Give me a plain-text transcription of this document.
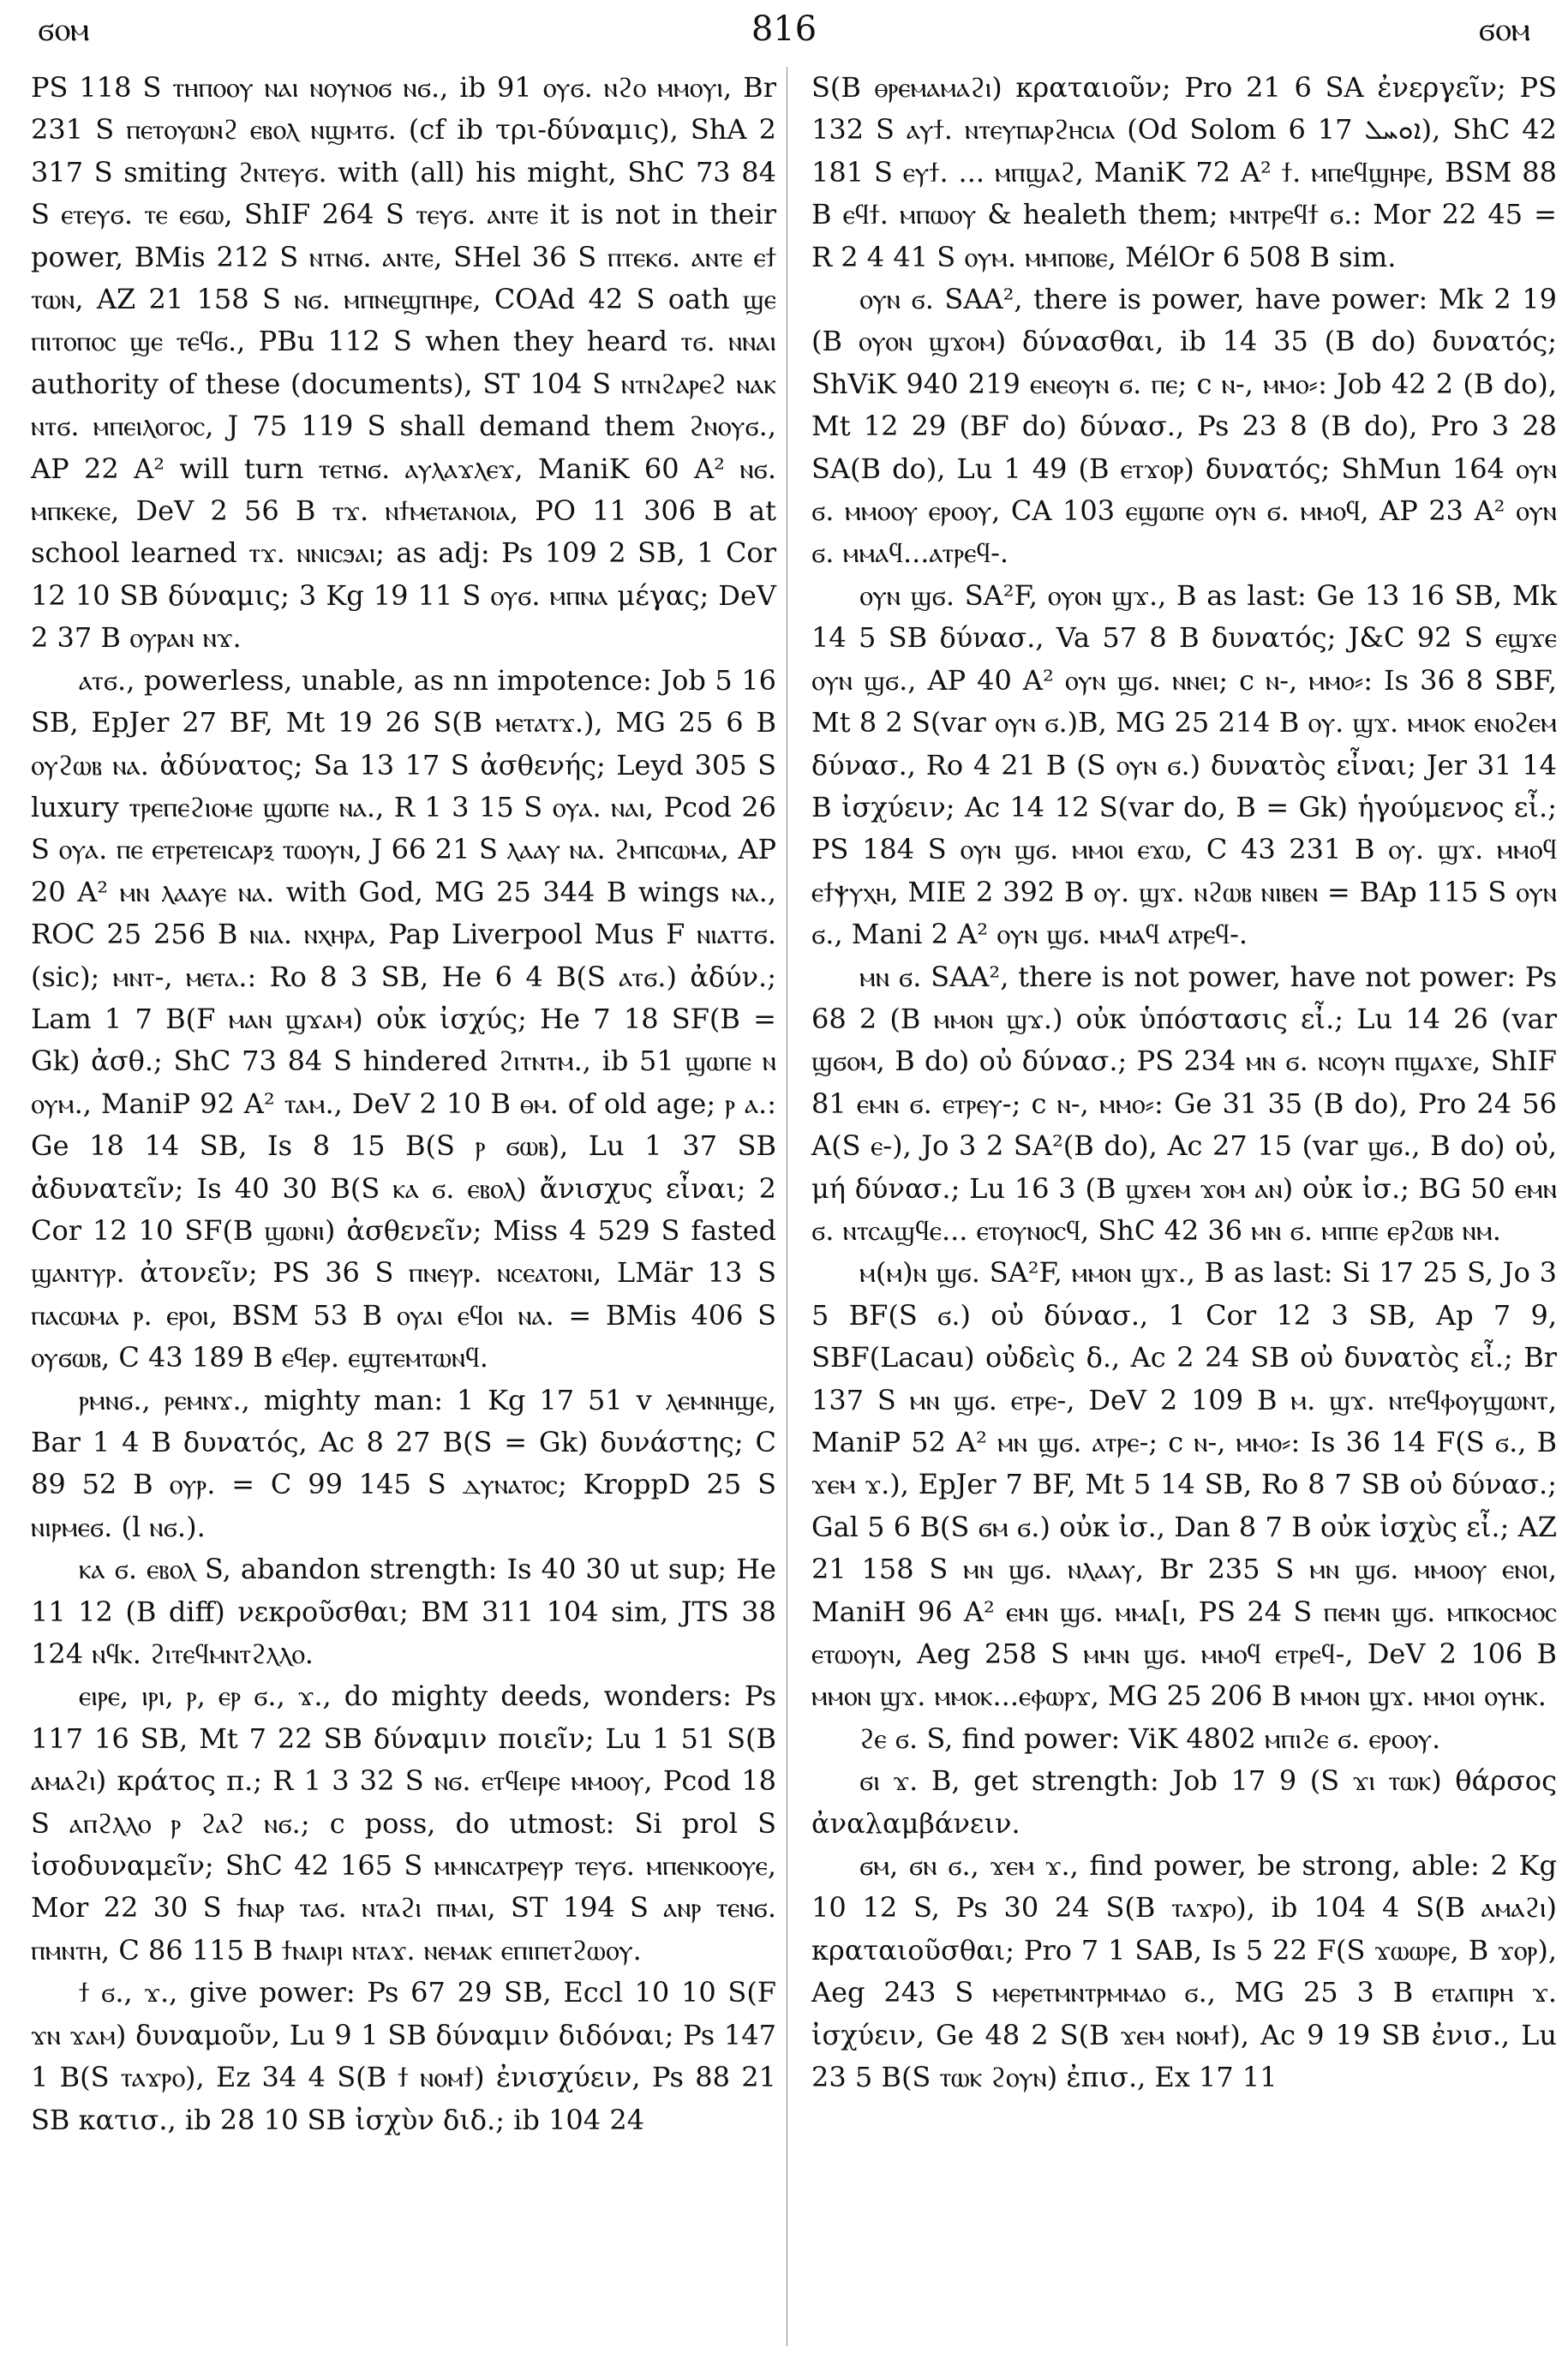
ϭⲟⲙ	816	ϭⲟⲙ

PS 118 S ⲧⲏⲡⲟⲟⲩ ⲛⲁⲓ ⲛⲟⲩⲛⲟϭ ⲛϭ., ib 91 ⲟⲩϭ. ⲛϩⲟ ⲙⲙⲟⲩⲓ, Br 231 S ⲡⲉⲧⲟⲩⲱⲛϩ ⲉⲃⲟⲗ ⲛϣⲙⲧϭ. (cf ib τρι-δύναμις), ShA 2 317 S smiting ϩⲛⲧⲉⲩϭ. with (all) his might, ShC 73 84 S ⲉⲧⲉⲩϭ. ⲧⲉ ⲉϭⲱ, ShIF 264 S ⲧⲉⲩϭ. ⲁⲛⲧⲉ it is not in their power, BMis 212 S ⲛⲧⲛϭ. ⲁⲛⲧⲉ, SHel 36 S ⲡⲧⲉⲕϭ. ⲁⲛⲧⲉ ⲉϯ ⲧⲱⲛ, AZ 21 158 S ⲛϭ. ⲙⲡⲛⲉϣⲡⲏⲣⲉ, COAd 42 S oath ϣⲉ ⲡⲓⲧⲟⲡⲟⲥ ϣⲉ ⲧⲉϥϭ., PBu 112 S when they heard ⲧϭ. ⲛⲛⲁⲓ authority of these (documents), ST 104 S ⲛⲧⲛϩⲁⲣⲉϩ ⲛⲁⲕ ⲛⲧϭ. ⲙⲡⲉⲓⲗⲟⲅⲟⲥ, J 75 119 S shall demand them ϩⲛⲟⲩϭ., AP 22 A² will turn ⲧⲉⲧⲛϭ. ⲁⲩⲗⲁϫⲗⲉϫ, ManiK 60 A² ⲛϭ. ⲙⲡⲕⲉⲕⲉ, DeV 2 56 B ⲧϫ. ⲛϯⲙⲉⲧⲁⲛⲟⲓⲁ, PO 11 306 B at school learned ⲧϫ. ⲛⲛⲓⲥϧⲁⲓ; as adj: Ps 109 2 SB, 1 Cor 12 10 SB δύναμις; 3 Kg 19 11 S ⲟⲩϭ. ⲙⲡⲛⲁ μέγας; DeV 2 37 B ⲟⲩⲣⲁⲛ ⲛϫ.

ⲁⲧϭ., powerless, unable, as nn impotence: Job 5 16 SB, EpJer 27 BF, Mt 19 26 S(B ⲙⲉⲧⲁⲧϫ.), MG 25 6 B ⲟⲩϩⲱⲃ ⲛⲁ. ἀδύνατος; Sa 13 17 S ἀσθενής; Leyd 305 S luxury ⲧⲣⲉⲡⲉϩⲓⲟⲙⲉ ϣⲱⲡⲉ ⲛⲁ., R 1 3 15 S ⲟⲩⲁ. ⲛⲁⲓ, Pcod 26 S ⲟⲩⲁ. ⲡⲉ ⲉⲧⲣⲉⲧⲉⲓⲥⲁⲣⲝ ⲧⲱⲟⲩⲛ, J 66 21 S ⲗⲁⲁⲩ ⲛⲁ. ϩⲙⲡⲥⲱⲙⲁ, AP 20 A² ⲙⲛ ⲗⲁⲁⲩⲉ ⲛⲁ. with God, MG 25 344 B wings ⲛⲁ., ROC 25 256 B ⲛⲓⲁ. ⲛⲭⲏⲣⲁ, Pap Liverpool Mus F ⲛⲓⲁⲧⲧϭ. (sic); ⲙⲛⲧ-, ⲙⲉⲧⲁ.: Ro 8 3 SB, He 6 4 B(S ⲁⲧϭ.) ἀδύν.; Lam 1 7 B(F ⲙⲁⲛ ϣϫⲁⲙ) οὐκ ἰσχύς; He 7 18 SF(B = Gk) ἀσθ.; ShC 73 84 S hindered ϩⲓⲧⲛⲧⲙ., ib 51 ϣⲱⲡⲉ ⲛ ⲟⲩⲙ., ManiP 92 A² ⲧⲁⲙ., DeV 2 10 B ⲑⲙ. of old age; ⲣ ⲁ.: Ge 18 14 SB, Is 8 15 B(S ⲣ ϭⲱⲃ), Lu 1 37 SB ἀδυνατεῖν; Is 40 30 B(S ⲕⲁ ϭ. ⲉⲃⲟⲗ) ἄνισχυς εἶναι; 2 Cor 12 10 SF(B ϣⲱⲛⲓ) ἀσθενεῖν; Miss 4 529 S fasted ϣⲁⲛⲧⲩⲣ. ἀτονεῖν; PS 36 S ⲡⲛⲉⲩⲣ. ⲛⲥⲉⲁⲧⲟⲛⲓ, LMär 13 S ⲡⲁⲥⲱⲙⲁ ⲣ. ⲉⲣⲟⲓ, BSM 53 B ⲟⲩⲁⲓ ⲉϥⲟⲓ ⲛⲁ. = BMis 406 S ⲟⲩϭⲱⲃ, C 43 189 B ⲉϥⲉⲣ. ⲉϣⲧⲉⲙⲧⲱⲛϥ.

ⲣⲙⲛϭ., ⲣⲉⲙⲛϫ., mighty man: 1 Kg 17 51 v ⲗⲉⲙⲛⲏϣⲉ, Bar 1 4 B δυνατός, Ac 8 27 B(S = Gk) δυνάστης; C 89 52 B ⲟⲩⲣ. = C 99 145 S ⲇⲩⲛⲁⲧⲟⲥ; KroppD 25 S ⲛⲓⲣⲙⲉϭ. (l ⲛϭ.).

ⲕⲁ ϭ. ⲉⲃⲟⲗ S, abandon strength: Is 40 30 ut sup; He 11 12 (B diff) νεκροῦσθαι; BM 311 104 sim, JTS 38 124 ⲛϥⲕ. ϩⲓⲧⲉϥⲙⲛⲧϩⲗⲗⲟ.

ⲉⲓⲣⲉ, ⲓⲣⲓ, ⲣ, ⲉⲣ ϭ., ϫ., do mighty deeds, wonders: Ps 117 16 SB, Mt 7 22 SB δύναμιν ποιεῖν; Lu 1 51 S(B ⲁⲙⲁϩⲓ) κράτος π.; R 1 3 32 S ⲛϭ. ⲉⲧϥⲉⲓⲣⲉ ⲙⲙⲟⲟⲩ, Pcod 18 S ⲁⲡϩⲗⲗⲟ ⲣ ϩⲁϩ ⲛϭ.; c poss, do utmost: Si prol S ἰσοδυναμεῖν; ShC 42 165 S ⲙⲙⲛⲥⲁⲧⲣⲉⲩⲣ ⲧⲉⲩϭ. ⲙⲡⲉⲛⲕⲟⲟⲩⲉ, Mor 22 30 S ϯⲛⲁⲣ ⲧⲁϭ. ⲛⲧⲁϩⲓ ⲡⲙⲁⲓ, ST 194 S ⲁⲛⲣ ⲧⲉⲛϭ. ⲡⲙⲛⲧⲏ, C 86 115 B ϯⲛⲁⲓⲣⲓ ⲛⲧⲁϫ. ⲛⲉⲙⲁⲕ ⲉⲡⲓⲡⲉⲧϩⲱⲟⲩ.

ϯ ϭ., ϫ., give power: Ps 67 29 SB, Eccl 10 10 S(F ϫⲛ ϫⲁⲙ) δυναμοῦν, Lu 9 1 SB δύναμιν διδόναι; Ps 147 1 B(S ⲧⲁϫⲣⲟ), Ez 34 4 S(B ϯ ⲛⲟⲙϯ) ἐνισχύειν, Ps 88 21 SB κατισ., ib 28 10 SB ἰσχὺν διδ.; ib 104 24

S(B ⲑⲣⲉⲙⲁⲙⲁϩⲓ) κραταιοῦν; Pro 21 6 SA ἐνεργεῖν; PS 132 S ⲁⲩϯ. ⲛⲧⲉⲩⲡⲁⲣϩⲏⲥⲓⲁ (Od Solom 6 17 ܐܘܚܠ), ShC 42 181 S ⲉⲩϯ. ... ⲙⲡϣⲁϩ, ManiK 72 A² ϯ. ⲙⲡⲉϥϣⲏⲣⲉ, BSM 88 B ⲉϥϯ. ⲙⲡⲱⲟⲩ & healeth them; ⲙⲛⲧⲣⲉϥϯ ϭ.: Mor 22 45 = R 2 4 41 S ⲟⲩⲙ. ⲙⲙⲡⲟⲃⲉ, MélOr 6 508 B sim.

ⲟⲩⲛ ϭ. SAA², there is power, have power: Mk 2 19 (B ⲟⲩⲟⲛ ϣϫⲟⲙ) δύνασθαι, ib 14 35 (B do) δυνατός; ShViK 940 219 ⲉⲛⲉⲟⲩⲛ ϭ. ⲡⲉ; c ⲛ-, ⲙⲙⲟ⸗: Job 42 2 (B do), Mt 12 29 (BF do) δύνασ., Ps 23 8 (B do), Pro 3 28 SA(B do), Lu 1 49 (B ⲉⲧϫⲟⲣ) δυνατός; ShMun 164 ⲟⲩⲛ ϭ. ⲙⲙⲟⲟⲩ ⲉⲣⲟⲟⲩ, CA 103 ⲉϣⲱⲡⲉ ⲟⲩⲛ ϭ. ⲙⲙⲟϥ, AP 23 A² ⲟⲩⲛ ϭ. ⲙⲙⲁϥ...ⲁⲧⲣⲉϥ-.

ⲟⲩⲛ ϣϭ. SA²F, ⲟⲩⲟⲛ ϣϫ., B as last: Ge 13 16 SB, Mk 14 5 SB δύνασ., Va 57 8 B δυνατός; J&C 92 S ⲉϣϫⲉ ⲟⲩⲛ ϣϭ., AP 40 A² ⲟⲩⲛ ϣϭ. ⲛⲛⲉⲓ; c ⲛ-, ⲙⲙⲟ⸗: Is 36 8 SBF, Mt 8 2 S(var ⲟⲩⲛ ϭ.)B, MG 25 214 B ⲟⲩ. ϣϫ. ⲙⲙⲟⲕ ⲉⲛⲟϩⲉⲙ δύνασ., Ro 4 21 B (S ⲟⲩⲛ ϭ.) δυνατὸς εἶναι; Jer 31 14 B ἰσχύειν; Ac 14 12 S(var do, B = Gk) ἡγούμενος εἶ.; PS 184 S ⲟⲩⲛ ϣϭ. ⲙⲙⲟⲓ ⲉϫⲱ, C 43 231 B ⲟⲩ. ϣϫ. ⲙⲙⲟϥ ⲉϯⲯⲩⲭⲏ, MIE 2 392 B ⲟⲩ. ϣϫ. ⲛϩⲱⲃ ⲛⲓⲃⲉⲛ = BAp 115 S ⲟⲩⲛ ϭ., Mani 2 A² ⲟⲩⲛ ϣϭ. ⲙⲙⲁϥ ⲁⲧⲣⲉϥ-.

ⲙⲛ ϭ. SAA², there is not power, have not power: Ps 68 2 (B ⲙⲙⲟⲛ ϣϫ.) οὐκ ὑπόστασις εἶ.; Lu 14 26 (var ϣϭⲟⲙ, B do) οὐ δύνασ.; PS 234 ⲙⲛ ϭ. ⲛⲥⲟⲩⲛ ⲡϣⲁϫⲉ, ShIF 81 ⲉⲙⲛ ϭ. ⲉⲧⲣⲉⲩ-; c ⲛ-, ⲙⲙⲟ⸗: Ge 31 35 (B do), Pro 24 56 A(S ⲉ-), Jo 3 2 SA²(B do), Ac 27 15 (var ϣϭ., B do) οὐ, μή δύνασ.; Lu 16 3 (B ϣϫⲉⲙ ϫⲟⲙ ⲁⲛ) οὐκ ἰσ.; BG 50 ⲉⲙⲛ ϭ. ⲛⲧⲥⲁϣϥⲉ... ⲉⲧⲟⲩⲛⲟⲥϥ, ShC 42 36 ⲙⲛ ϭ. ⲙⲡⲡⲉ ⲉⲣϩⲱⲃ ⲛⲙ.

ⲙ(ⲙ)ⲛ ϣϭ. SA²F, ⲙⲙⲟⲛ ϣϫ., B as last: Si 17 25 S, Jo 3 5 BF(S ϭ.) οὐ δύνασ., 1 Cor 12 3 SB, Ap 7 9, SBF(Lacau) οὐδεὶς δ., Ac 2 24 SB οὐ δυνατὸς εἶ.; Br 137 S ⲙⲛ ϣϭ. ⲉⲧⲣⲉ-, DeV 2 109 B ⲙ. ϣϫ. ⲛⲧⲉϥⲫⲟⲩϣⲱⲛⲧ, ManiP 52 A² ⲙⲛ ϣϭ. ⲁⲧⲣⲉ-; c ⲛ-, ⲙⲙⲟ⸗: Is 36 14 F(S ϭ., B ϫⲉⲙ ϫ.), EpJer 7 BF, Mt 5 14 SB, Ro 8 7 SB οὐ δύνασ.; Gal 5 6 B(S ϭⲙ ϭ.) οὐκ ἰσ., Dan 8 7 B οὐκ ἰσχὺς εἶ.; AZ 21 158 S ⲙⲛ ϣϭ. ⲛⲗⲁⲁⲩ, Br 235 S ⲙⲛ ϣϭ. ⲙⲙⲟⲟⲩ ⲉⲛⲟⲓ, ManiH 96 A² ⲉⲙⲛ ϣϭ. ⲙⲙⲁ[ⲓ, PS 24 S ⲡⲉⲙⲛ ϣϭ. ⲙⲡⲕⲟⲥⲙⲟⲥ ⲉⲧⲱⲟⲩⲛ, Aeg 258 S ⲙⲙⲛ ϣϭ. ⲙⲙⲟϥ ⲉⲧⲣⲉϥ-, DeV 2 106 B ⲙⲙⲟⲛ ϣϫ. ⲙⲙⲟⲕ...ⲉⲫⲱⲣϫ, MG 25 206 B ⲙⲙⲟⲛ ϣϫ. ⲙⲙⲟⲓ ⲟⲩⲏⲕ.

ϩⲉ ϭ. S, find power: ViK 4802 ⲙⲡⲓϩⲉ ϭ. ⲉⲣⲟⲟⲩ.

ϭⲓ ϫ. B, get strength: Job 17 9 (S ϫⲓ ⲧⲱⲕ) θάρσος ἀναλαμβάνειν.

ϭⲙ, ϭⲛ ϭ., ϫⲉⲙ ϫ., find power, be strong, able: 2 Kg 10 12 S, Ps 30 24 S(B ⲧⲁϫⲣⲟ), ib 104 4 S(B ⲁⲙⲁϩⲓ) κραταιοῦσθαι; Pro 7 1 SAB, Is 5 22 F(S ϫⲱⲱⲣⲉ, B ϫⲟⲣ), Aeg 243 S ⲙⲉⲣⲉⲧⲙⲛⲧⲣⲙⲙⲁⲟ ϭ., MG 25 3 B ⲉⲧⲁⲡⲓⲣⲏ ϫ. ἰσχύειν, Ge 48 2 S(B ϫⲉⲙ ⲛⲟⲙϯ), Ac 9 19 SB ἐνισ., Lu 23 5 B(S ⲧⲱⲕ ϩⲟⲩⲛ) ἐπισ., Ex 17 11
